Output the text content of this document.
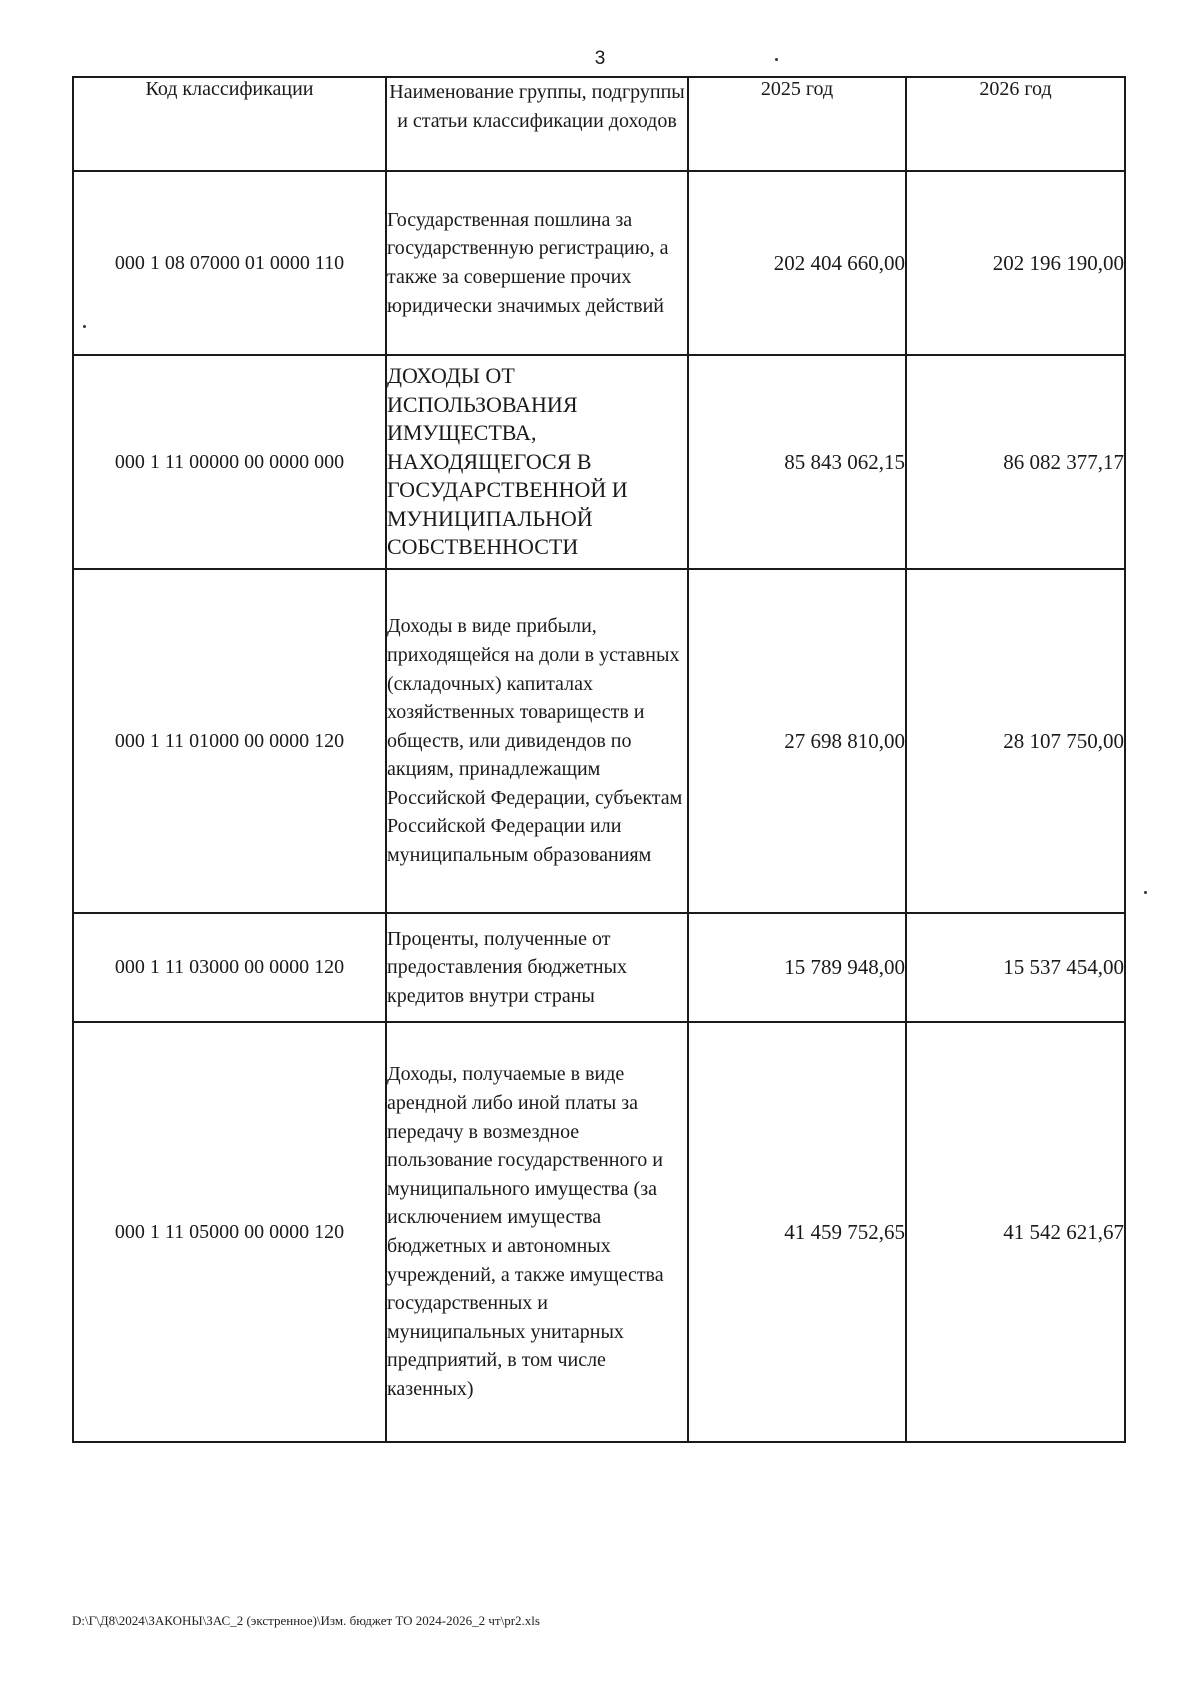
3
Код классификации	Наименование группы, подгруппы и статьи классификации доходов	2025 год	2026 год
000 1 08 07000 01 0000 110	Государственная пошлина за государственную регистрацию, а также за совершение прочих юридически значимых действий	202 404 660,00	202 196 190,00
000 1 11 00000 00 0000 000	ДОХОДЫ ОТ ИСПОЛЬЗОВАНИЯ ИМУЩЕСТВА, НАХОДЯЩЕГОСЯ В ГОСУДАРСТВЕННОЙ И МУНИЦИПАЛЬНОЙ СОБСТВЕННОСТИ	85 843 062,15	86 082 377,17
000 1 11 01000 00 0000 120	Доходы в виде прибыли, приходящейся на доли в уставных (складочных) капиталах хозяйственных товариществ и обществ, или дивидендов по акциям, принадлежащим Российской Федерации, субъектам Российской Федерации или муниципальным образованиям	27 698 810,00	28 107 750,00
000 1 11 03000 00 0000 120	Проценты, полученные от предоставления бюджетных кредитов внутри страны	15 789 948,00	15 537 454,00
000 1 11 05000 00 0000 120	Доходы, получаемые в виде арендной либо иной платы за передачу в возмездное пользование государственного и муниципального имущества (за исключением имущества бюджетных и автономных учреждений, а также имущества государственных и муниципальных унитарных предприятий, в том числе казенных)	41 459 752,65	41 542 621,67
D:\Г\Д8\2024\ЗАКОНЫ\ЗАС_2 (экстренное)\Изм. бюджет ТО 2024-2026_2 чт\pr2.xls
